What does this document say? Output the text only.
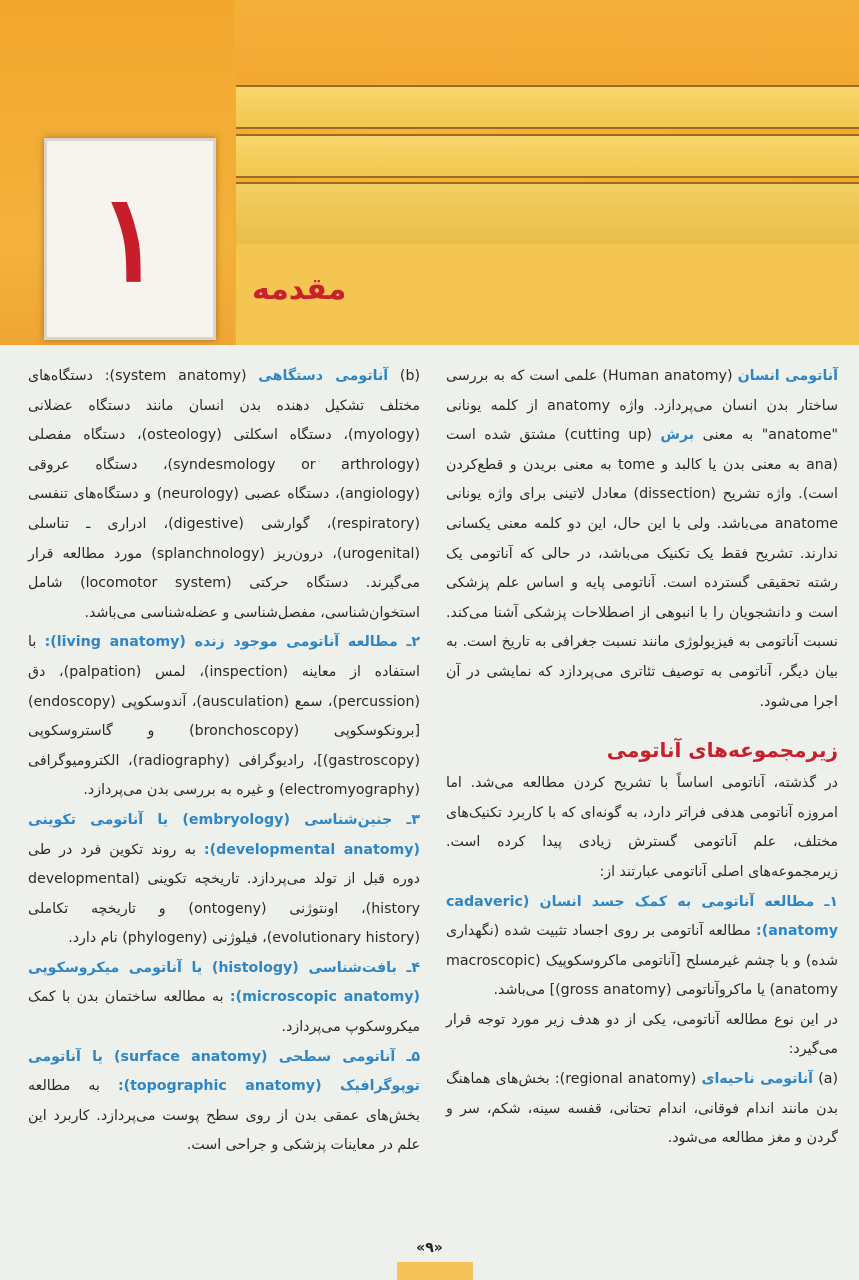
۱	مقدمه

آناتومی انسان (Human anatomy) علمی است که به بررسی ساختار بدن انسان می‌پردازد. واژه anatomy از کلمه یونانی "anatome" به معنی برش (cutting up) مشتق شده است (ana به معنی بدن یا کالبد و tome به معنی بریدن و قطع‌کردن است). واژه تشریح (dissection) معادل لاتینی برای واژه یونانی anatome می‌باشد. ولی با این حال، این دو کلمه معنی یکسانی ندارند. تشریح فقط یک تکنیک می‌باشد، در حالی که آناتومی یک رشته تحقیقی گسترده است. آناتومی پایه و اساس علم پزشکی است و دانشجویان را با انبوهی از اصطلاحات پزشکی آشنا می‌کند. نسبت آناتومی به فیزیولوژی مانند نسبت جغرافی به تاریخ است. به بیان دیگر، آناتومی به توصیف تئاتری می‌پردازد که نمایشی در آن اجرا می‌شود.

زیرمجموعه‌های آناتومی

در گذشته، آناتومی اساساً با تشریح کردن مطالعه می‌شد. اما امروزه آناتومی هدفی فراتر دارد، به گونه‌ای که با کاربرد تکنیک‌های مختلف، علم آناتومی گسترش زیادی پیدا کرده است. زیرمجموعه‌های اصلی آناتومی عبارتند از:

۱ـ مطالعه آناتومی به کمک جسد انسان (cadaveric anatomy): مطالعه آناتومی بر روی اجساد تثبیت شده (نگهداری شده) و با چشم غیرمسلح [آناتومی ماکروسکوپیک (macroscopic anatomy) یا ماکروآناتومی (gross anatomy)] می‌باشد.

در این نوع مطالعه آناتومی، یکی از دو هدف زیر مورد توجه قرار می‌گیرد:

(a) آناتومی ناحیه‌ای (regional anatomy): بخش‌های هماهنگ بدن مانند اندام فوقانی، اندام تحتانی، قفسه سینه، شکم، سر و گردن و مغز مطالعه می‌شود.

(b) آناتومی دستگاهی (system anatomy): دستگاه‌های مختلف تشکیل دهنده بدن انسان مانند دستگاه عضلانی (myology)، دستگاه اسکلتی (osteology)، دستگاه مفصلی (syndesmology or arthrology)، دستگاه عروقی (angiology)، دستگاه عصبی (neurology) و دستگاه‌های تنفسی (respiratory)، گوارشی (digestive)، ادراری ـ تناسلی (urogenital)، درون‌ریز (splanchnology) مورد مطالعه قرار می‌گیرند. دستگاه حرکتی (locomotor system) شامل استخوان‌شناسی، مفصل‌شناسی و عضله‌شناسی می‌باشد.

۲ـ مطالعه آناتومی موجود زنده (living anatomy): با استفاده از معاینه (inspection)، لمس (palpation)، دق (percussion)، سمع (ausculation)، آندوسکوپی (endoscopy) [برونکوسکوپی (bronchoscopy) و گاستروسکوپی (gastroscopy)]، رادیوگرافی (radiography)، الکترومیوگرافی (electromyography) و غیره به بررسی بدن می‌پردازد.

۳ـ جنین‌شناسی (embryology) یا آناتومی تکوینی (developmental anatomy): به روند تکوین فرد در طی دوره قبل از تولد می‌پردازد. تاریخچه تکوینی (developmental history)، اونتوژنی (ontogeny) و تاریخچه تکاملی (evolutionary history)، فیلوژنی (phylogeny) نام دارد.

۴ـ بافت‌شناسی (histology) یا آناتومی میکروسکوپی (microscopic anatomy): به مطالعه ساختمان بدن با کمک میکروسکوپ می‌پردازد.

۵ـ آناتومی سطحی (surface anatomy) یا آناتومی توپوگرافیک (topographic anatomy): به مطالعه بخش‌های عمقی بدن از روی سطح پوست می‌پردازد. کاربرد این علم در معاینات پزشکی و جراحی است.

«۹»
